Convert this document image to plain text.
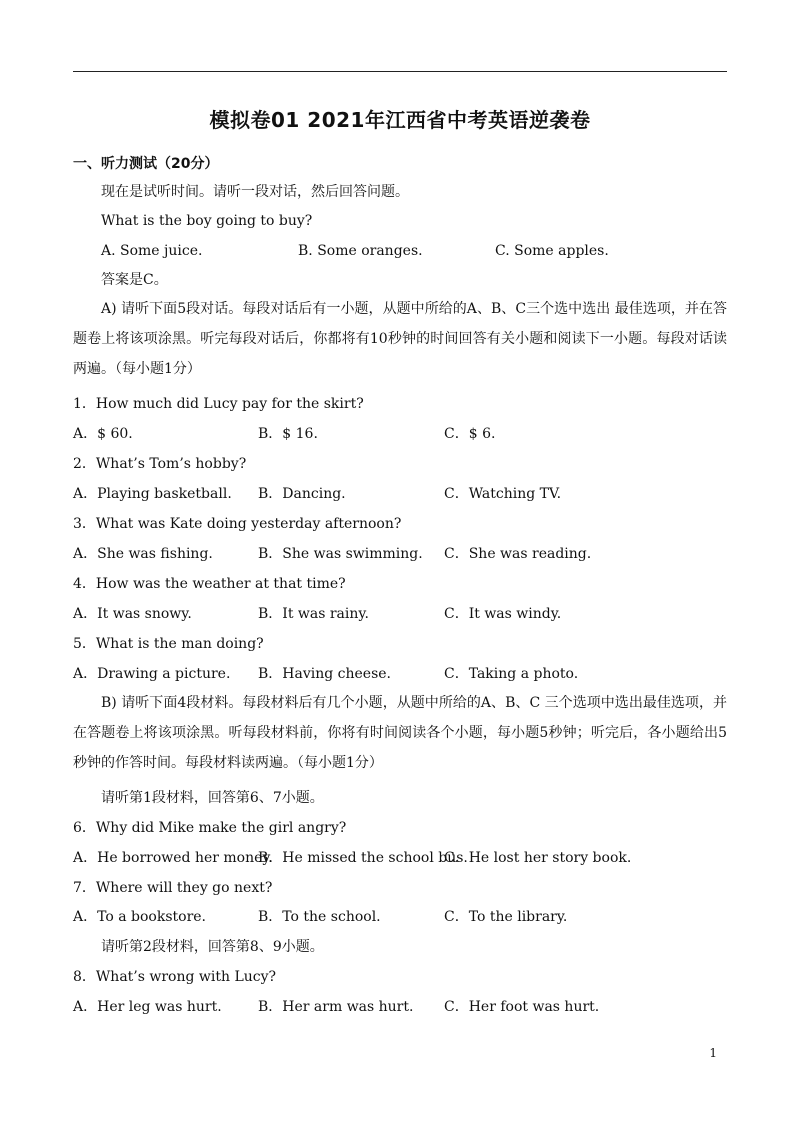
模拟卷01 2021年江西省中考英语逆袭卷
一、听力测试（20分）
现在是试听时间。请听一段对话，然后回答问题。
What is the boy going to buy?
A. Some juice.	B. Some oranges.	C. Some apples.
答案是C。
A) 请听下面5段对话。每段对话后有一小题，从题中所给的A、B、C三个选中选出 最佳选项，并在答题卷上将该项涂黑。听完每段对话后，你都将有10秒钟的时间回答有关小题和阅读下一小题。每段对话读两遍。（每小题1分）
1．How much did Lucy pay for the skirt?
A．$ 60.	B．$ 16.	C．$ 6.
2．What’s Tom’s hobby?
A．Playing basketball. B．Dancing.	C．Watching TV.
3．What was Kate doing yesterday afternoon?
A．She was fishing.	B．She was swimming. C．She was reading.
4．How was the weather at that time?
A．It was snowy.	B．It was rainy.	C．It was windy.
5．What is the man doing?
A．Drawing a picture. B．Having cheese.	C．Taking a photo.
B) 请听下面4段材料。每段材料后有几个小题，从题中所给的A、B、C 三个选项中选出最佳选项，并在答题卷上将该项涂黑。听每段材料前，你将有时间阅读各个小题，每小题5秒钟；听完后，各小题给出5秒钟的作答时间。每段材料读两遍。（每小题1分）
请听第1段材料，回答第6、7小题。
6．Why did Mike make the girl angry?
A．He borrowed her money.
B．He missed the school bus.
C．He lost her story book.
7．Where will they go next?
A．To a bookstore.	B．To the school.	C．To the library.
请听第2段材料，回答第8、9小题。
8．What’s wrong with Lucy?
A．Her leg was hurt.	B．Her arm was hurt. C．Her foot was hurt.
1
